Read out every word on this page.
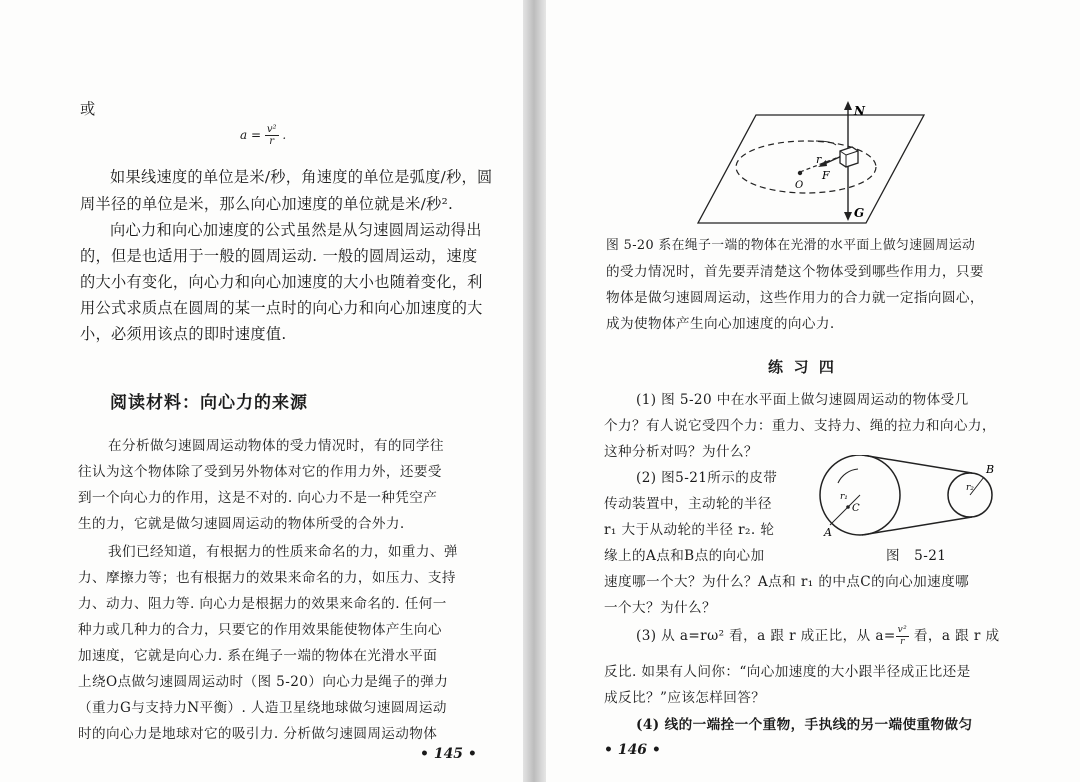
或
$a = \frac{\text{v²}}{r}$ .
如果线速度的单位是米/秒，角速度的单位是弧度/秒，圆
周半径的单位是米，那么向心加速度的单位就是米/秒².
向心力和向心加速度的公式虽然是从匀速圆周运动得出
的，但是也适用于一般的圆周运动. 一般的圆周运动，速度
的大小有变化，向心力和向心加速度的大小也随着变化，利
用公式求质点在圆周的某一点时的向心力和向心加速度的大
小，必须用该点的即时速度值.
阅读材料：向心力的来源
在分析做匀速圆周运动物体的受力情况时，有的同学往
往认为这个物体除了受到另外物体对它的作用力外，还要受
到一个向心力的作用，这是不对的. 向心力不是一种凭空产
生的力，它就是做匀速圆周运动的物体所受的合外力.
我们已经知道，有根据力的性质来命名的力，如重力、弹
力、摩擦力等；也有根据力的效果来命名的力，如压力、支持
力、动力、阻力等. 向心力是根据力的效果来命名的. 任何一
种力或几种力的合力，只要它的作用效果能使物体产生向心
加速度，它就是向心力. 系在绳子一端的物体在光滑水平面
上绕O点做匀速圆周运动时（图 5-20）向心力是绳子的弹力
（重力G与支持力N平衡）. 人造卫星绕地球做匀速圆周运动
时的向心力是地球对它的吸引力. 分析做匀速圆周运动物体
• 145 •
N
G
F
O
r
图 5-20 系在绳子一端的物体在光滑的水平面上做匀速圆周运动
的受力情况时，首先要弄清楚这个物体受到哪些作用力，只要
物体是做匀速圆周运动，这些作用力的合力就一定指向圆心，
成为使物体产生向心加速度的向心力.
练  习  四
(1) 图 5-20 中在水平面上做匀速圆周运动的物体受几
个力？有人说它受四个力：重力、支持力、绳的拉力和向心力，
这种分析对吗？为什么？
(2) 图5-21所示的皮带
传动装置中，主动轮的半径
r₁ 大于从动轮的半径 r₂. 轮
缘上的A点和B点的向心加
速度哪一个大？为什么？A点和 r₁ 的中点C的向心加速度哪
一个大？为什么？
A
B
C
r₁
r₂
图   5-21
(3) 从 a=rω² 看，a 跟 r 成正比，从 $a= \frac{\text{v²}}{r}$ 看，a 跟 r 成
反比. 如果有人问你：“向心加速度的大小跟半径成正比还是
成反比？”应该怎样回答？
(4) 线的一端拴一个重物，手执线的另一端使重物做匀
• 146 •
